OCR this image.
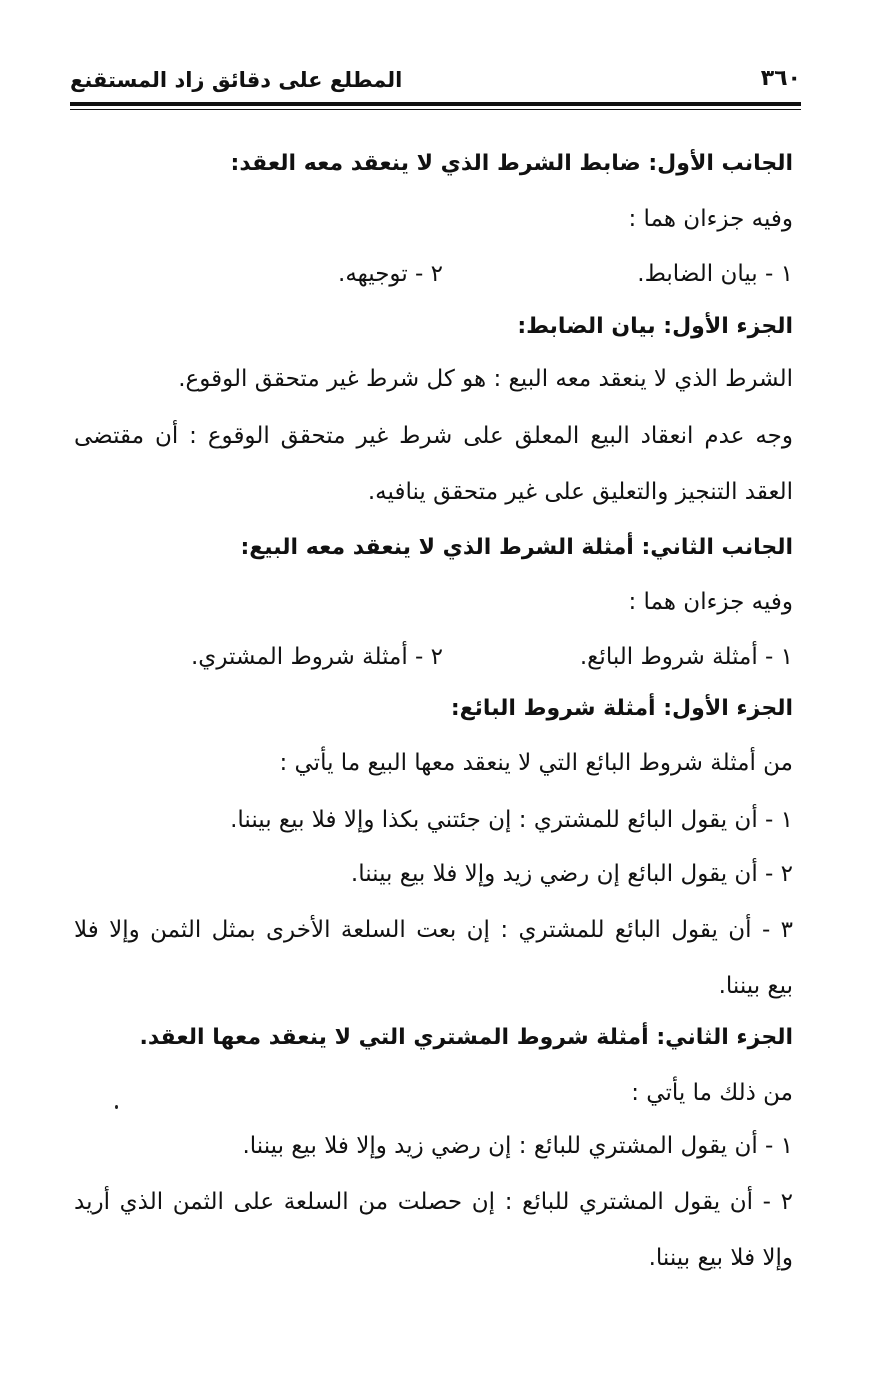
٣٦٠
المطلع على دقائق زاد المستقنع
الجانب الأول: ضابط الشرط الذي لا ينعقد معه العقد:
وفيه جزءان هما :
١ - بيان الضابط.
٢ - توجيهه.
الجزء الأول: بيان الضابط:
الشرط الذي لا ينعقد معه البيع : هو كل شرط غير متحقق الوقوع.
وجه عدم انعقاد البيع المعلق على شرط غير متحقق الوقوع : أن مقتضى
العقد التنجيز والتعليق على غير متحقق ينافيه.
الجانب الثاني: أمثلة الشرط الذي لا ينعقد معه البيع:
وفيه جزءان هما :
١ - أمثلة شروط البائع.
٢ - أمثلة شروط المشتري.
الجزء الأول: أمثلة شروط البائع:
من أمثلة شروط البائع التي لا ينعقد معها البيع ما يأتي :
١ - أن يقول البائع للمشتري : إن جئتني بكذا وإلا فلا بيع بيننا.
٢ - أن يقول البائع إن رضي زيد وإلا فلا بيع بيننا.
٣ - أن يقول البائع للمشتري : إن بعت السلعة الأخرى بمثل الثمن وإلا فلا
بيع بيننا.
الجزء الثاني: أمثلة شروط المشتري التي لا ينعقد معها العقد.
من ذلك ما يأتي :
١ - أن يقول المشتري للبائع : إن رضي زيد وإلا فلا بيع بيننا.
٢ - أن يقول المشتري للبائع : إن حصلت من السلعة على الثمن الذي أريد
وإلا فلا بيع بيننا.
